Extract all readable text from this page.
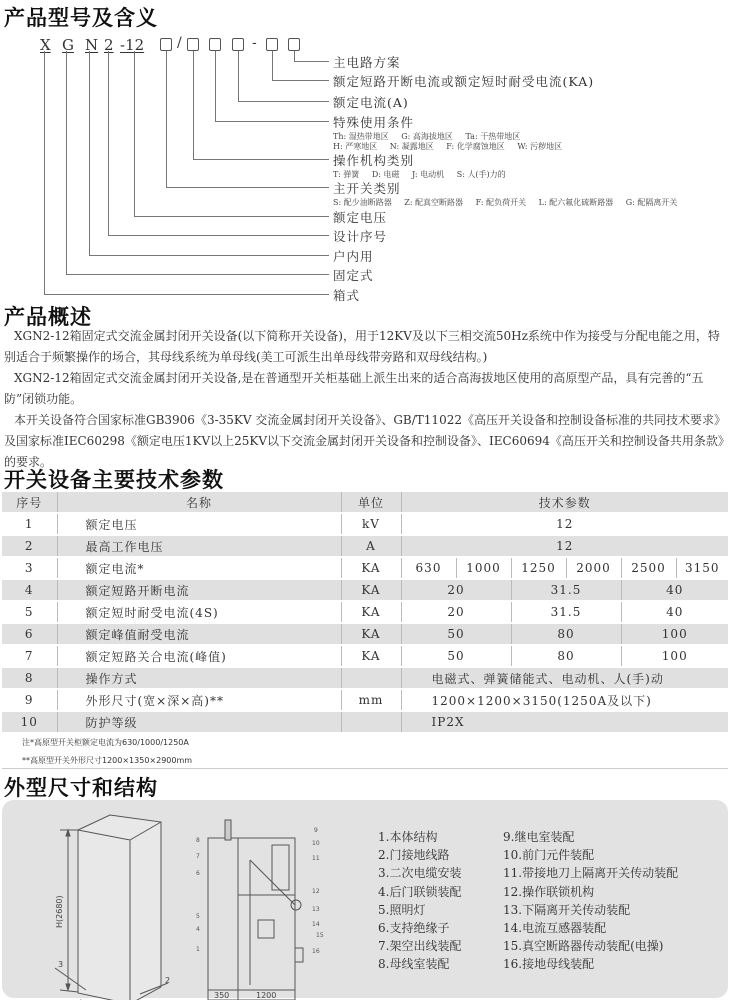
产品型号及含义
X G N 2 -12 /	-
主电路方案
额定短路开断电流或额定短时耐受电流(KA)
额定电流(A)
特殊使用条件
Th: 湿热带地区 G: 高海拔地区 Ta: 干热带地区
H: 严寒地区 N: 凝露地区 F: 化学腐蚀地区 W: 污秽地区
操作机构类别
T: 弹簧 D: 电磁 J: 电动机 S: 人(手)力的
主开关类别
S: 配少油断路器 Z: 配真空断路器 F: 配负荷开关 L: 配六氟化硫断路器 G: 配隔离开关
额定电压
设计序号
户内用
固定式
箱式
产品概述

XGN2-12箱固定式交流金属封闭开关设备(以下简称开关设备)，用于12KV及以下三相交流50Hz系统中作为接受与分配电能之用，特别适合于频繁操作的场合，其母线系统为单母线(美工可派生出单母线带旁路和双母线结构。)

XGN2-12箱固定式交流金属封闭开关设备,是在普通型开关柜基础上派生出来的适合高海拔地区使用的高原型产品，具有完善的“五防”闭锁功能。

本开关设备符合国家标准GB3906《3-35KV 交流金属封闭开关设备》、GB/T11022《高压开关设备和控制设备标准的共同技术要求》及国家标准IEC60298《额定电压1KV以上25KV以下交流金属封闭开关设备和控制设备》、IEC60694《高压开关和控制设备共用条款》的要求。

开关设备主要技术参数
序号	名称	单位	技术参数					
1	额定电压	kV	12					
2	最高工作电压	A	12					
3	额定电流*	KA	630	1000	1250	2000	2500	3150
4	额定短路开断电流	KA	20		31.5		40	
5	额定短时耐受电流(4S)	KA	20		31.5		40	
6	额定峰值耐受电流	KA	50		80		100	
7	额定短路关合电流(峰值)	KA	50		80		100	
8	操作方式		电磁式、弹簧储能式、电动机、人(手)动					
9	外形尺寸(宽×深×高)**	mm	1200×1200×3150(1250A及以下)					
10	防护等级		IP2X					
注*高原型开关柜额定电流为630/1000/1250A
**高原型开关外形尺寸1200×1350×2900mm
外型尺寸和结构
H(2680)
3
2
350	1200
8
7
6
5
4
1
9
10
11
12
13
14
15
16
1.本体结构
2.门接地线路
3.二次电缆安装
4.后门联锁装配
5.照明灯
6.支持绝缘子
7.架空出线装配
8.母线室装配
9.继电室装配
10.前门元件装配
11.带接地刀上隔离开关传动装配
12.操作联锁机构
13.下隔离开关传动装配
14.电流互感器装配
15.真空断路器传动装配(电操)
16.接地母线装配
